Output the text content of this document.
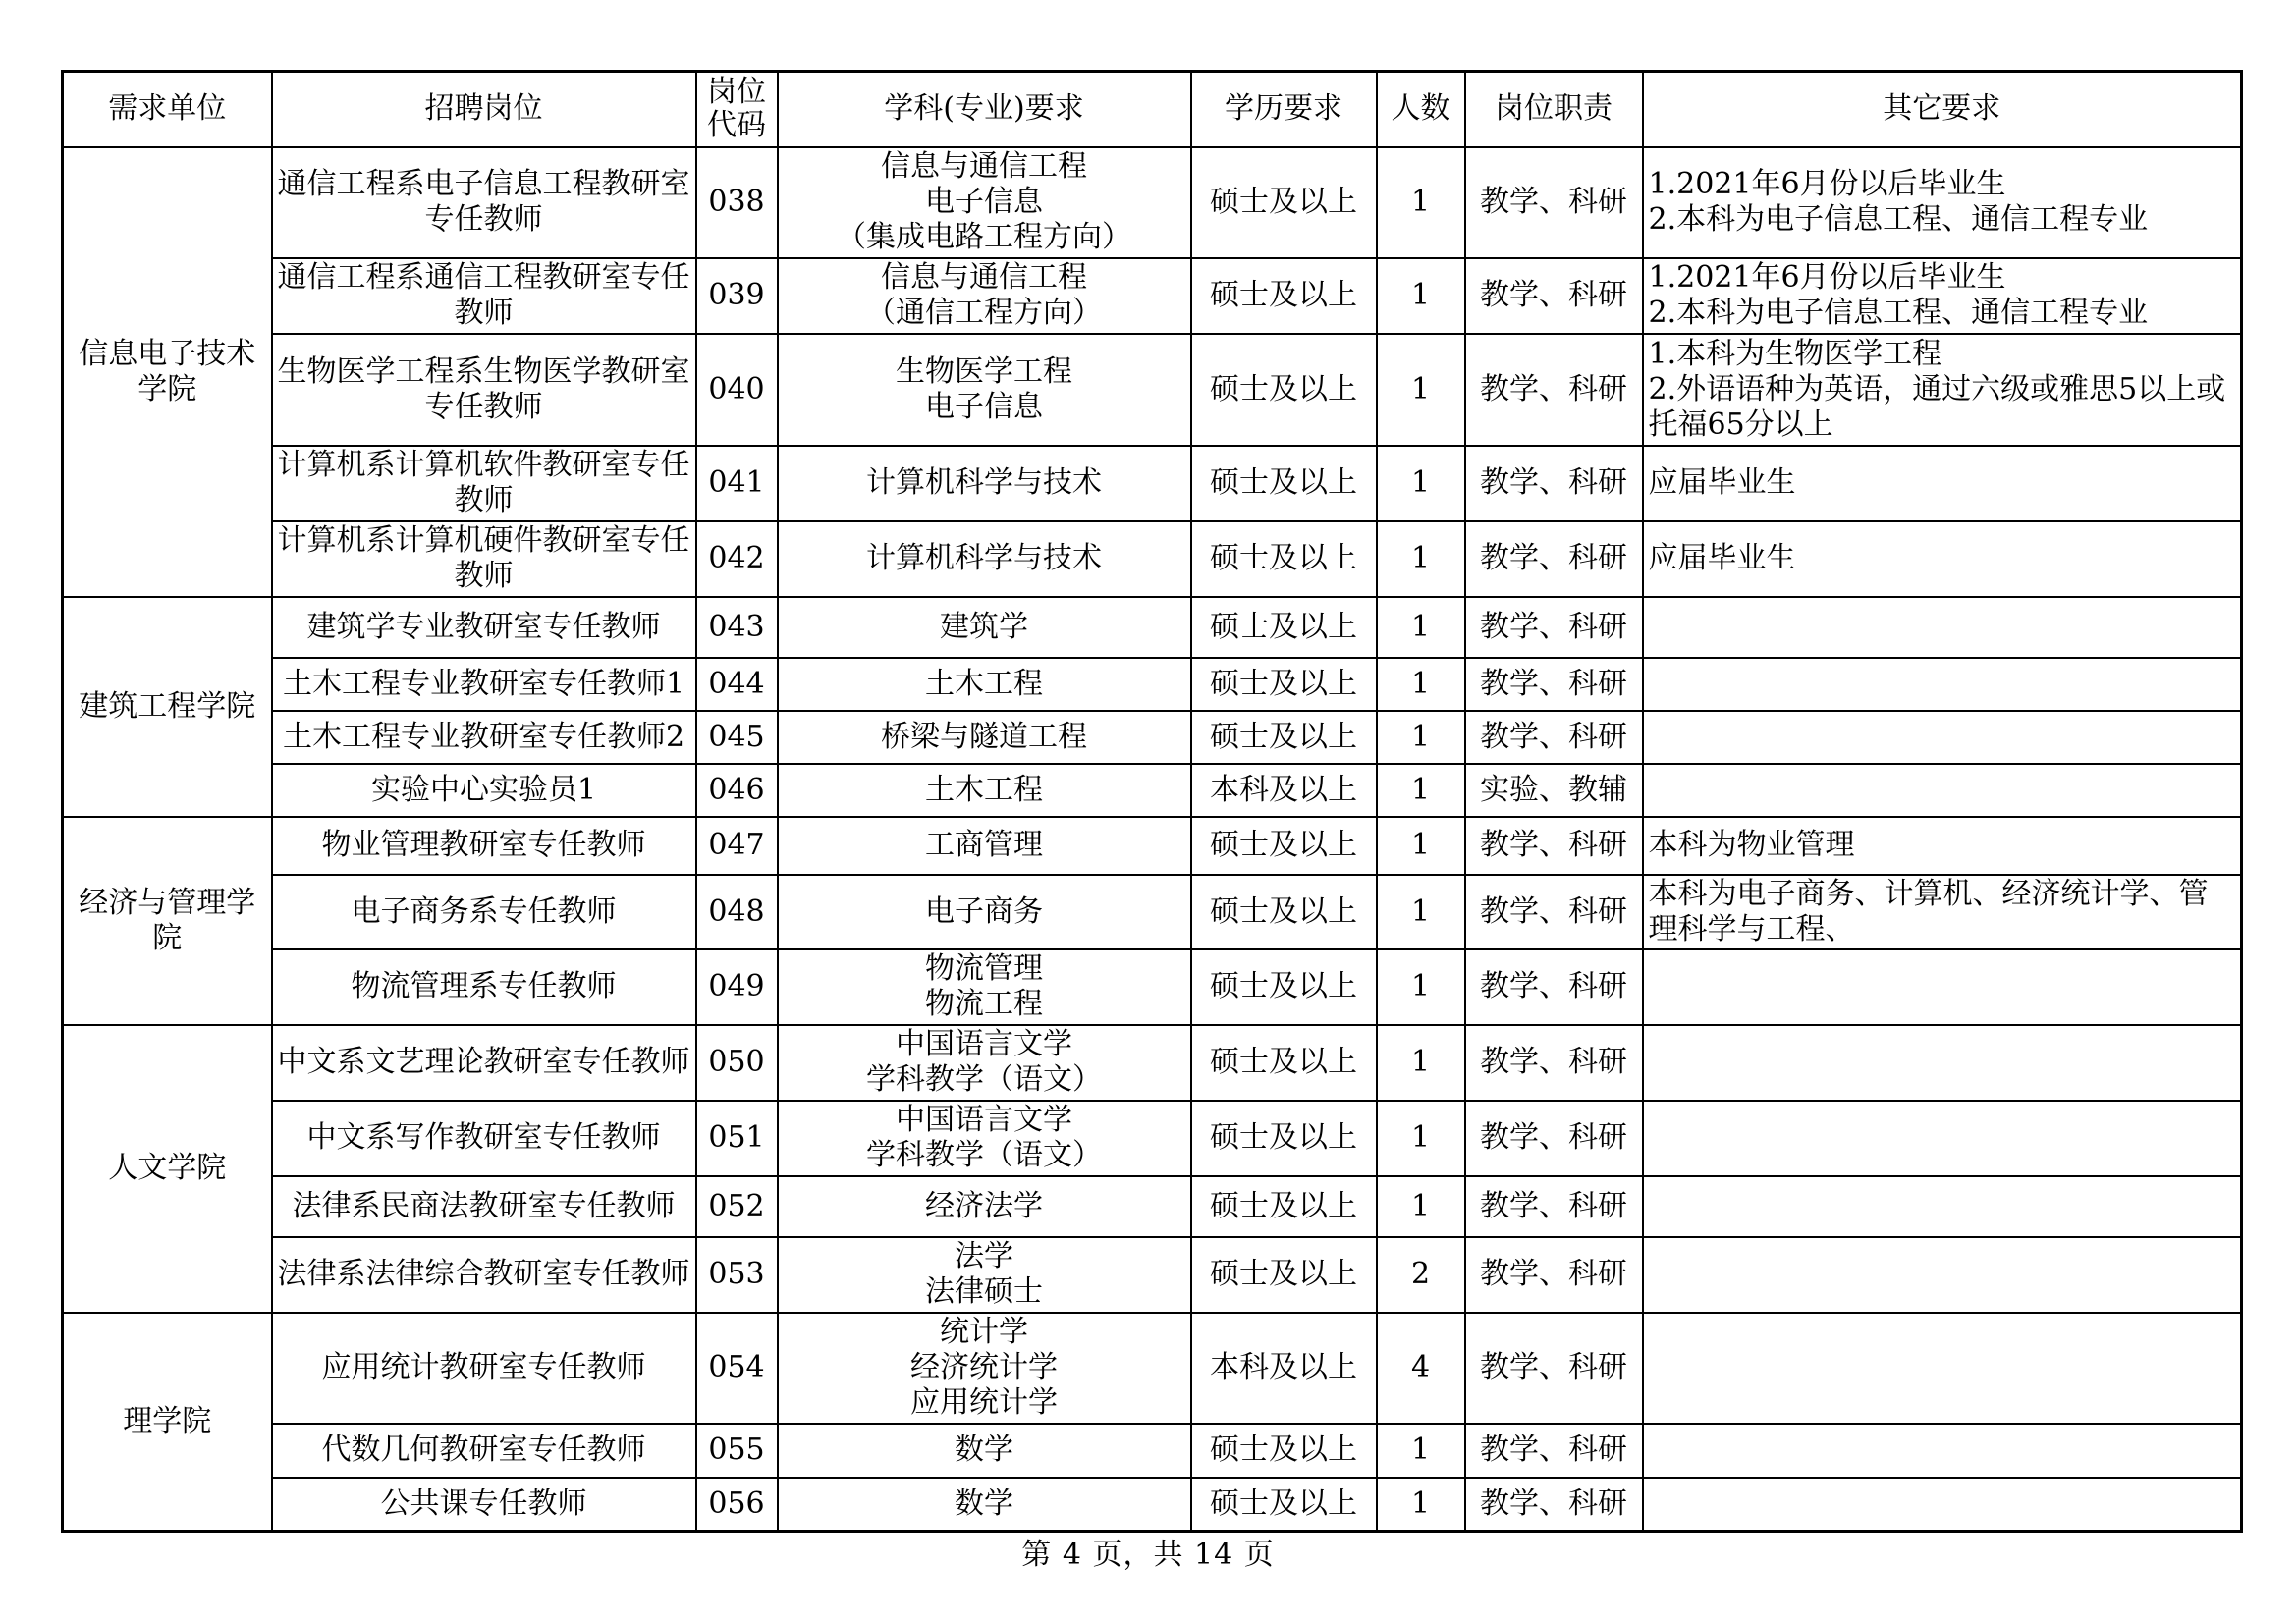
需求单位	招聘岗位	岗位代码	学科(专业)要求	学历要求	人数	岗位职责	其它要求
信息电子技术学院	通信工程系电子信息工程教研室专任教师	038	信息与通信工程
电子信息
（集成电路工程方向）	硕士及以上	1	教学、科研	1.2021年6月份以后毕业生
2.本科为电子信息工程、通信工程专业

	通信工程系通信工程教研室专任教师	039	信息与通信工程
（通信工程方向）	硕士及以上	1	教学、科研	1.2021年6月份以后毕业生
2.本科为电子信息工程、通信工程专业

	生物医学工程系生物医学教研室专任教师	040	生物医学工程
电子信息	硕士及以上	1	教学、科研	1.本科为生物医学工程
2.外语语种为英语，通过六级或雅思5以上或托福65分以上

	计算机系计算机软件教研室专任教师	041	计算机科学与技术	硕士及以上	1	教学、科研	应届毕业生

	计算机系计算机硬件教研室专任教师	042	计算机科学与技术	硕士及以上	1	教学、科研	应届毕业生

建筑工程学院	建筑学专业教研室专任教师	043	建筑学	硕士及以上	1	教学、科研	
	土木工程专业教研室专任教师1	044	土木工程	硕士及以上	1	教学、科研	
	土木工程专业教研室专任教师2	045	桥梁与隧道工程	硕士及以上	1	教学、科研	
	实验中心实验员1	046	土木工程	本科及以上	1	实验、教辅	
经济与管理学院	物业管理教研室专任教师	047	工商管理	硕士及以上	1	教学、科研	本科为物业管理

	电子商务系专任教师	048	电子商务	硕士及以上	1	教学、科研	本科为电子商务、计算机、经济统计学、管理科学与工程、

	物流管理系专任教师	049	物流管理
物流工程	硕士及以上	1	教学、科研	
人文学院	中文系文艺理论教研室专任教师	050	中国语言文学
学科教学（语文）	硕士及以上	1	教学、科研	
	中文系写作教研室专任教师	051	中国语言文学
学科教学（语文）	硕士及以上	1	教学、科研	
	法律系民商法教研室专任教师	052	经济法学	硕士及以上	1	教学、科研	
	法律系法律综合教研室专任教师	053	法学
法律硕士	硕士及以上	2	教学、科研	
理学院	应用统计教研室专任教师	054	统计学
经济统计学
应用统计学	本科及以上	4	教学、科研	
	代数几何教研室专任教师	055	数学	硕士及以上	1	教学、科研	
	公共课专任教师	056	数学	硕士及以上	1	教学、科研	
第 4 页，共 14 页
